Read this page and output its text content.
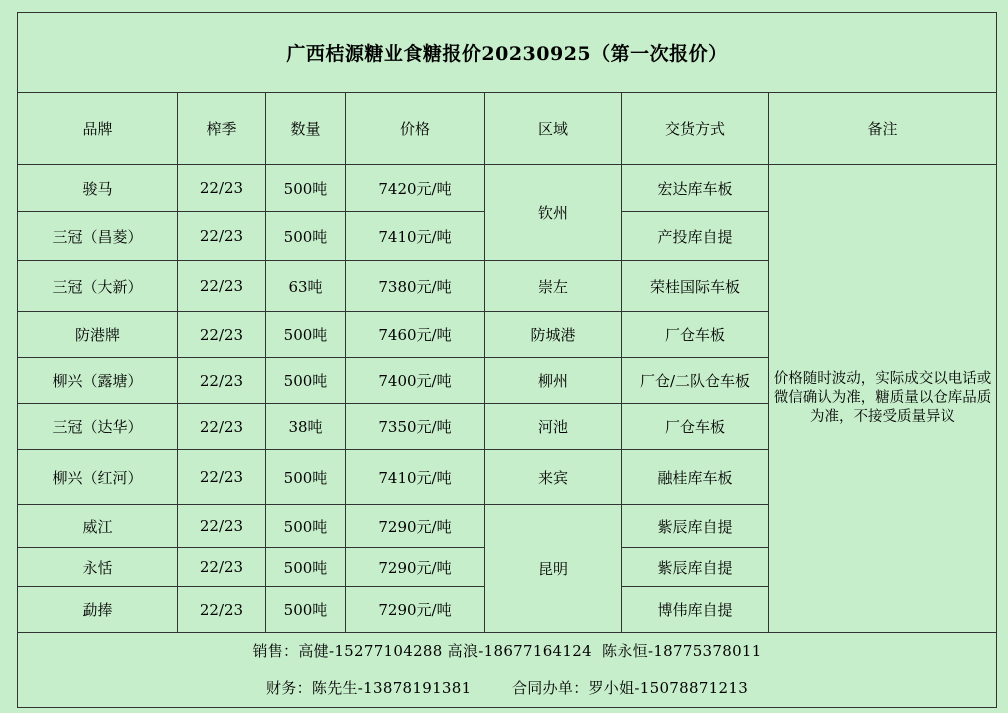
广西桔源糖业食糖报价20230925（第一次报价）						
品牌	榨季	数量	价格	区域	交货方式	备注
骏马	22/23	500吨	7420元/吨	钦州	宏达库车板	价格随时波动，实际成交以电话或微信确认为准，糖质量以仓库品质为准，不接受质量异议
三冠（昌菱）	22/23	500吨	7410元/吨		产投库自提	
三冠（大新）	22/23	63吨	7380元/吨	崇左	荣桂国际车板	
防港牌	22/23	500吨	7460元/吨	防城港	厂仓车板	
柳兴（露塘）	22/23	500吨	7400元/吨	柳州	厂仓/二队仓车板	
三冠（达华）	22/23	38吨	7350元/吨	河池	厂仓车板	
柳兴（红河）	22/23	500吨	7410元/吨	来宾	融桂库车板	
威江	22/23	500吨	7290元/吨	昆明	紫辰库自提	
永恬	22/23	500吨	7290元/吨		紫辰库自提	
勐捧	22/23	500吨	7290元/吨		博伟库自提	

销售：高健-15277104288 高浪-18677164124  陈永恒-18775378011
财务：陈先生-13878191381        合同办单：罗小姐-15078871213						
